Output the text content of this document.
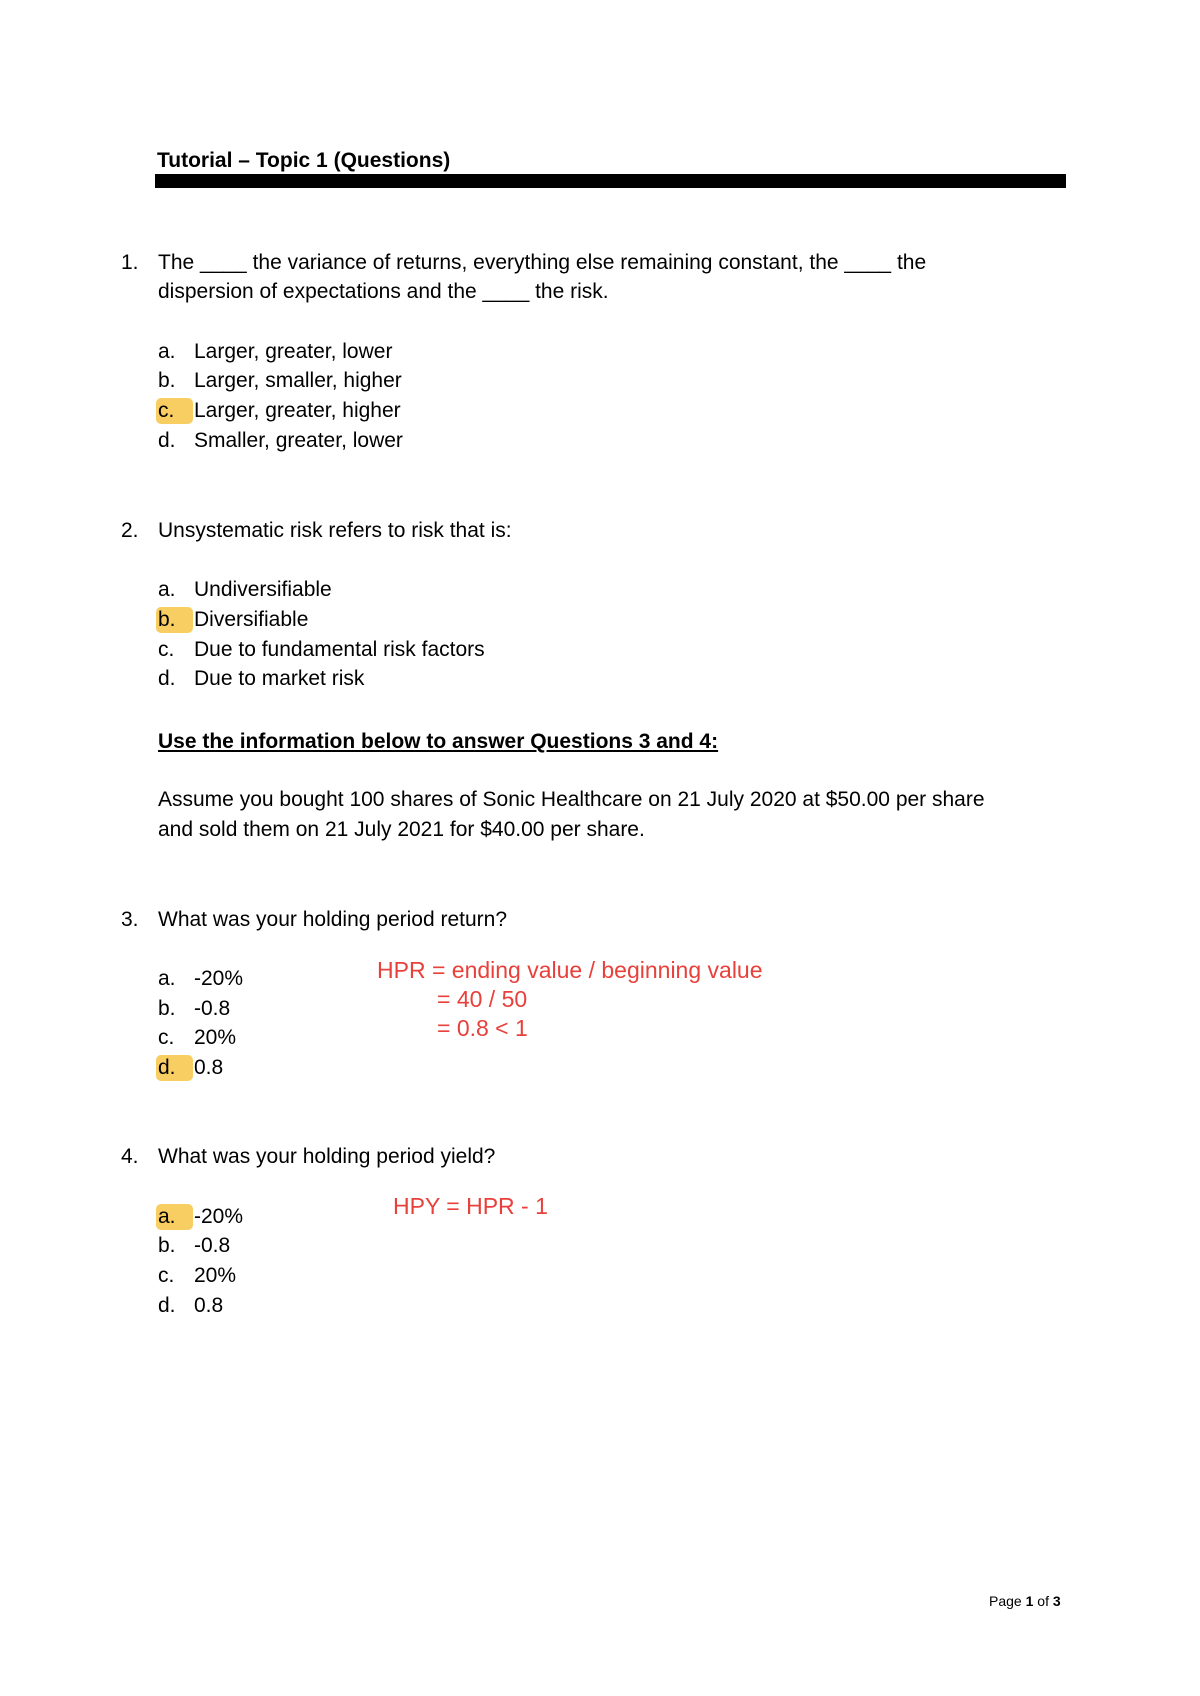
Tutorial – Topic 1 (Questions)
1. The ____ the variance of returns, everything else remaining constant, the ____ the
dispersion of expectations and the ____ the risk.
a. Larger, greater, lower
b. Larger, smaller, higher
c. Larger, greater, higher
d. Smaller, greater, lower
2. Unsystematic risk refers to risk that is:
a. Undiversifiable
b. Diversifiable
c. Due to fundamental risk factors
d. Due to market risk
Use the information below to answer Questions 3 and 4:
Assume you bought 100 shares of Sonic Healthcare on 21 July 2020 at $50.00 per share
and sold them on 21 July 2021 for $40.00 per share.
3. What was your holding period return?
a. -20%
b. -0.8
c. 20%
d. 0.8
HPR = ending value / beginning value
= 40 / 50
= 0.8 < 1
4. What was your holding period yield?
a. -20%
b. -0.8
c. 20%
d. 0.8
HPY = HPR - 1
Page 1 of 3
